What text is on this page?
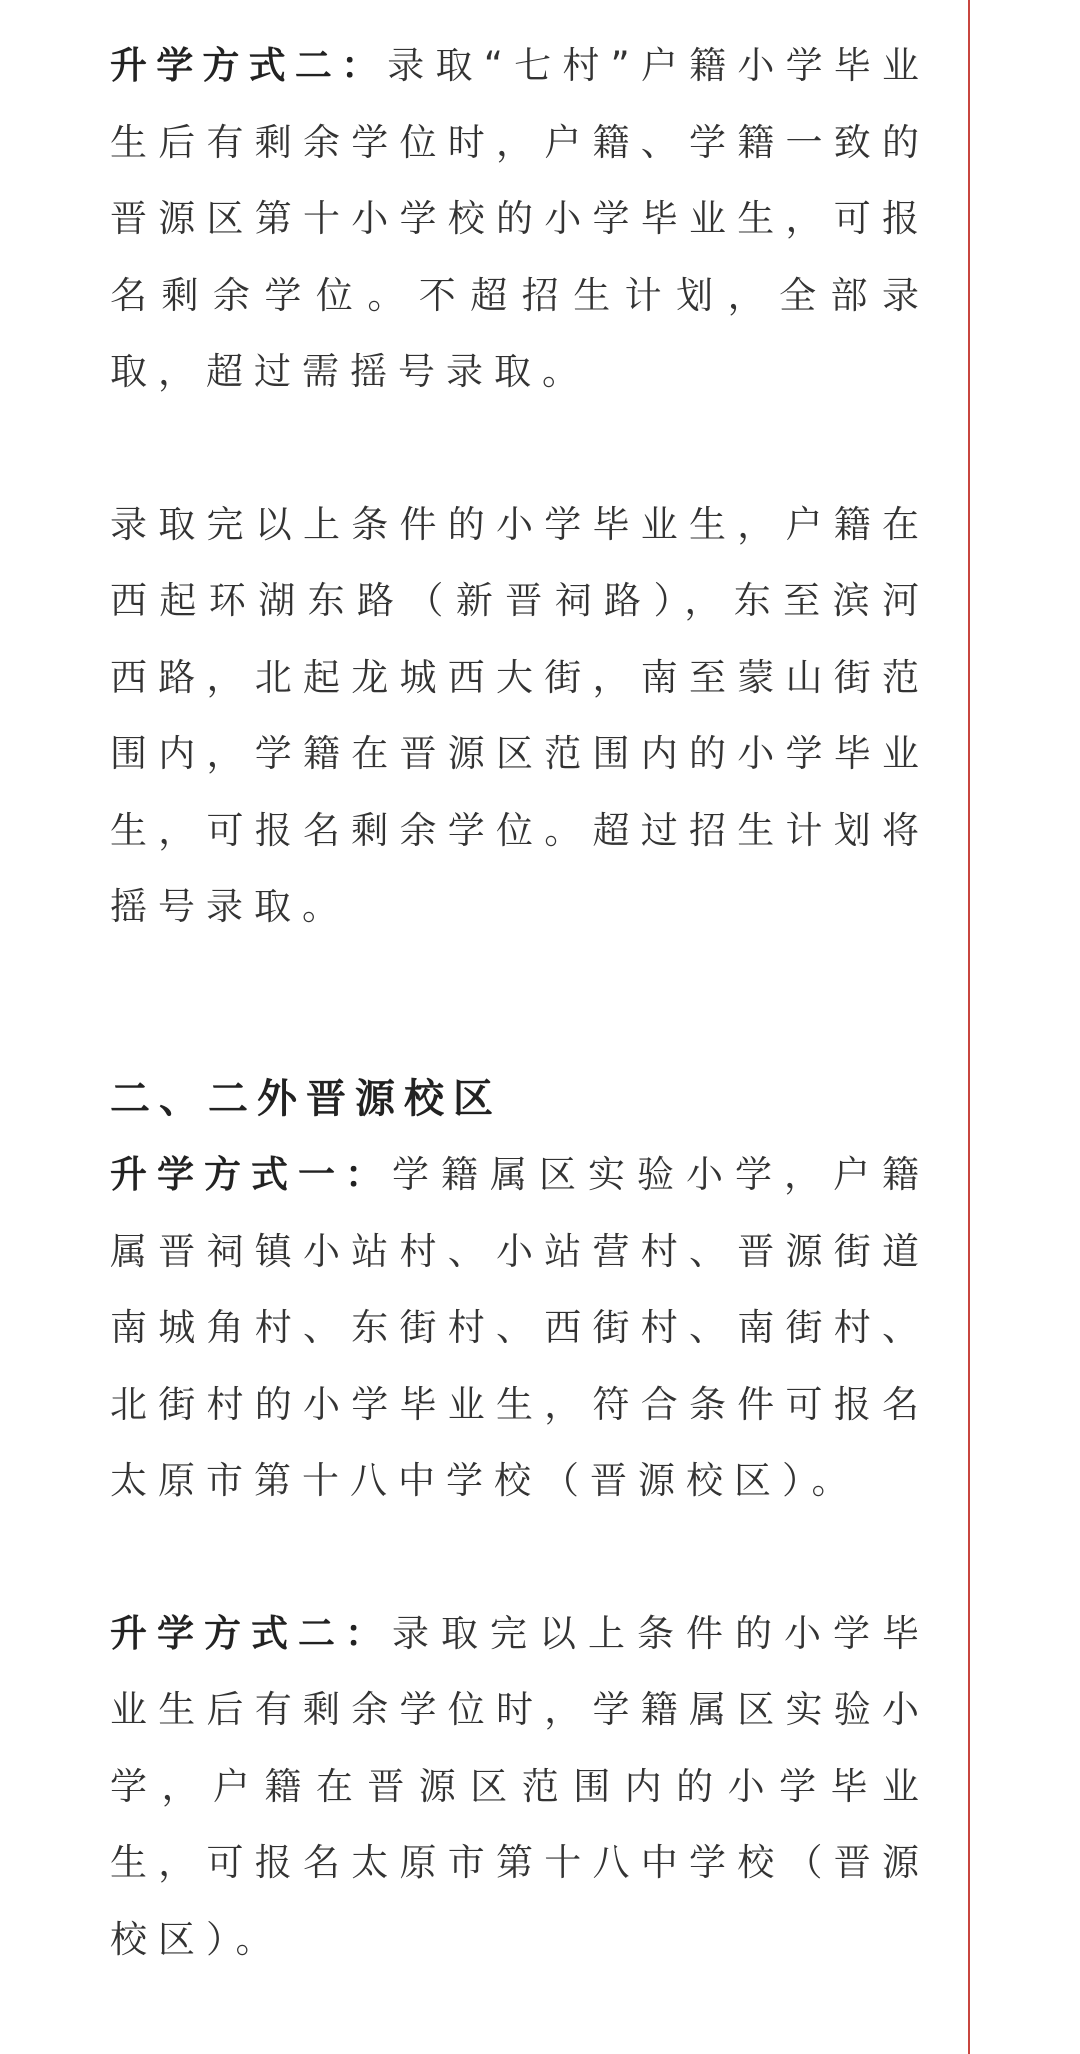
升学方式二：录取“七村”户籍小学毕业生后有剩余学位时，户籍、学籍一致的晋源区第十小学校的小学毕业生，可报名剩余学位。不超招生计划，全部录取，超过需摇号录取。

录取完以上条件的小学毕业生，户籍在西起环湖东路（新晋祠路），东至滨河西路，北起龙城西大街，南至蒙山街范围内，学籍在晋源区范围内的小学毕业生，可报名剩余学位。超过招生计划将摇号录取。

二、二外晋源校区

升学方式一：学籍属区实验小学，户籍属晋祠镇小站村、小站营村、晋源街道南城角村、东街村、西街村、南街村、北街村的小学毕业生，符合条件可报名太原市第十八中学校（晋源校区）。

升学方式二：录取完以上条件的小学毕业生后有剩余学位时，学籍属区实验小学，户籍在晋源区范围内的小学毕业生，可报名太原市第十八中学校（晋源校区）。
